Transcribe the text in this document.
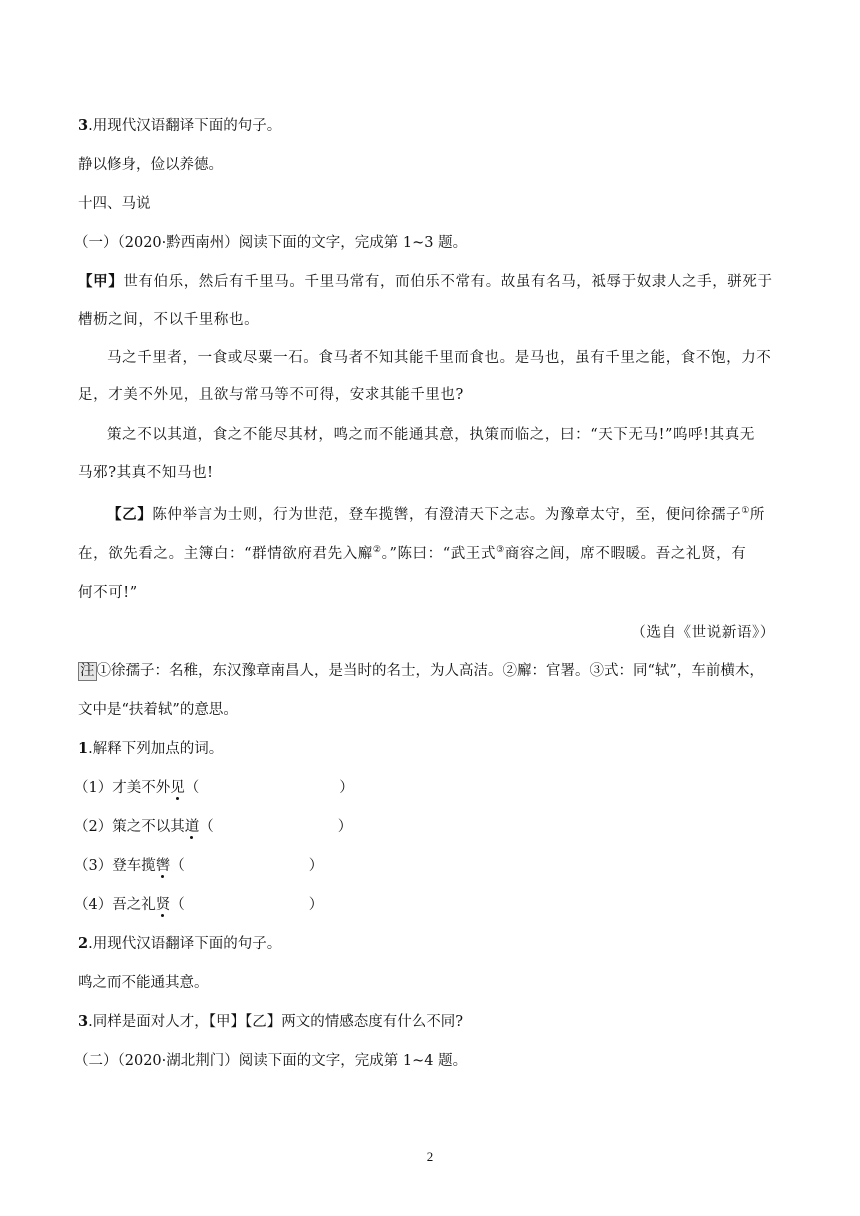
3.用现代汉语翻译下面的句子。
静以修身，俭以养德。
十四、马说
（一）（2020·黔西南州）阅读下面的文字，完成第 1~3 题。
【甲】世有伯乐，然后有千里马。千里马常有，而伯乐不常有。故虽有名马，祗辱于奴隶人之手，骈死于
槽枥之间，不以千里称也。
马之千里者，一食或尽粟一石。食马者不知其能千里而食也。是马也，虽有千里之能，食不饱，力不
足，才美不外见，且欲与常马等不可得，安求其能千里也?
策之不以其道，食之不能尽其材，鸣之而不能通其意，执策而临之，曰：“天下无马!”呜呼!其真无
马邪?其真不知马也!
【乙】陈仲举言为士则，行为世范，登车揽辔，有澄清天下之志。为豫章太守，至，便问徐孺子①所
在，欲先看之。主簿白：“群情欲府君先入廨②。”陈曰：“武王式③商容之闾，席不暇暖。吾之礼贤，有
何不可!”
（选自《世说新语》）
注 ①徐孺子：名稚，东汉豫章南昌人，是当时的名士，为人高洁。②廨：官署。③式：同“轼”，车前横木，
文中是“扶着轼”的意思。
1.解释下列加点的词。
（1）才美不外见（	）
（2）策之不以其道（	）
（3）登车揽辔（	）
（4）吾之礼贤（	）
2.用现代汉语翻译下面的句子。
鸣之而不能通其意。
3.同样是面对人才，【甲】【乙】两文的情感态度有什么不同?
（二）（2020·湖北荆门）阅读下面的文字，完成第 1~4 题。
2
